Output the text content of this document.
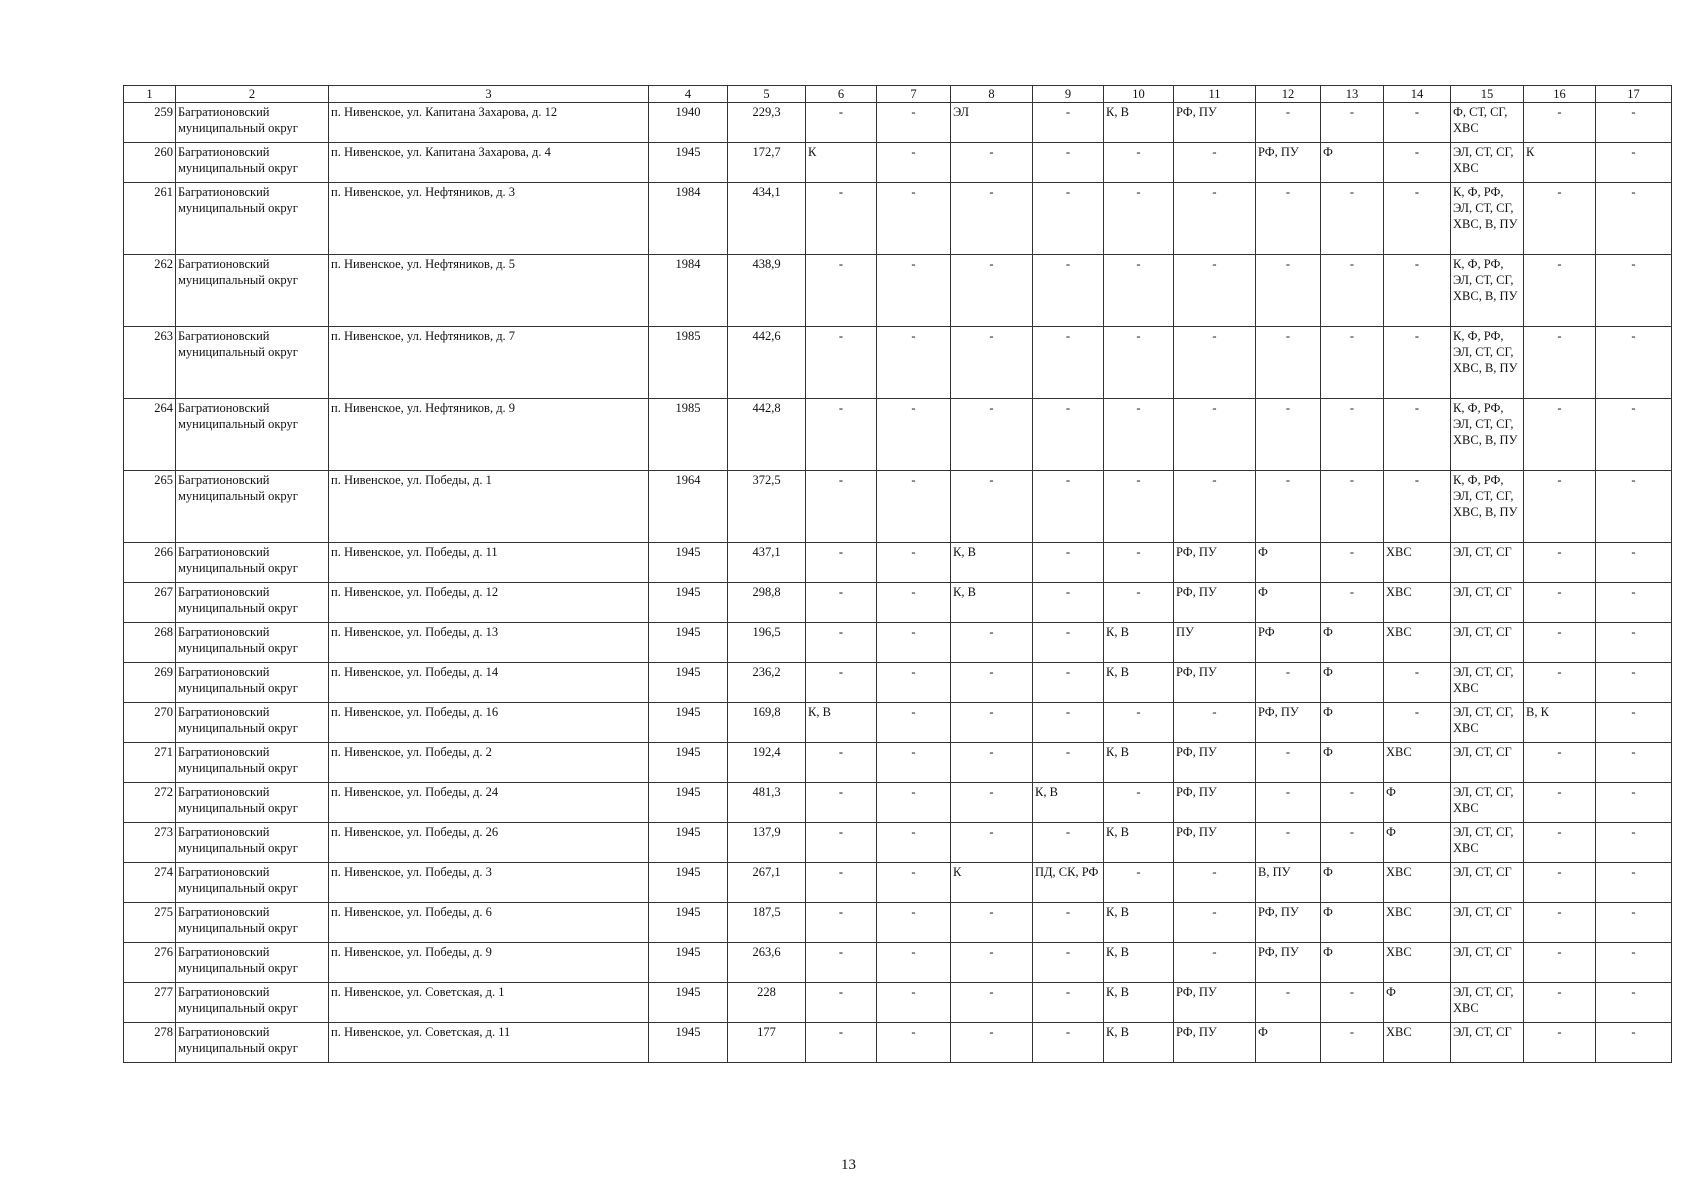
1	2	3	4	5	6	7	8	9	10	11	12	13	14	15	16	17
259	Багратионовский муниципальный округ	п. Нивенское, ул. Капитана Захарова, д. 12	1940	229,3	-	-	ЭЛ	-	К, В	РФ, ПУ	-	-	-	Ф, СТ, СГ, ХВС	-	-
260	Багратионовский муниципальный округ	п. Нивенское, ул. Капитана Захарова, д. 4	1945	172,7	К	-	-	-	-	-	РФ, ПУ	Ф	-	ЭЛ, СТ, СГ, ХВС	К	-
261	Багратионовский муниципальный округ	п. Нивенское, ул. Нефтяников, д. 3	1984	434,1	-	-	-	-	-	-	-	-	-	К, Ф, РФ, ЭЛ, СТ, СГ, ХВС, В, ПУ	-	-
262	Багратионовский муниципальный округ	п. Нивенское, ул. Нефтяников, д. 5	1984	438,9	-	-	-	-	-	-	-	-	-	К, Ф, РФ, ЭЛ, СТ, СГ, ХВС, В, ПУ	-	-
263	Багратионовский муниципальный округ	п. Нивенское, ул. Нефтяников, д. 7	1985	442,6	-	-	-	-	-	-	-	-	-	К, Ф, РФ, ЭЛ, СТ, СГ, ХВС, В, ПУ	-	-
264	Багратионовский муниципальный округ	п. Нивенское, ул. Нефтяников, д. 9	1985	442,8	-	-	-	-	-	-	-	-	-	К, Ф, РФ, ЭЛ, СТ, СГ, ХВС, В, ПУ	-	-
265	Багратионовский муниципальный округ	п. Нивенское, ул. Победы, д. 1	1964	372,5	-	-	-	-	-	-	-	-	-	К, Ф, РФ, ЭЛ, СТ, СГ, ХВС, В, ПУ	-	-
266	Багратионовский муниципальный округ	п. Нивенское, ул. Победы, д. 11	1945	437,1	-	-	К, В	-	-	РФ, ПУ	Ф	-	ХВС	ЭЛ, СТ, СГ	-	-
267	Багратионовский муниципальный округ	п. Нивенское, ул. Победы, д. 12	1945	298,8	-	-	К, В	-	-	РФ, ПУ	Ф	-	ХВС	ЭЛ, СТ, СГ	-	-
268	Багратионовский муниципальный округ	п. Нивенское, ул. Победы, д. 13	1945	196,5	-	-	-	-	К, В	ПУ	РФ	Ф	ХВС	ЭЛ, СТ, СГ	-	-
269	Багратионовский муниципальный округ	п. Нивенское, ул. Победы, д. 14	1945	236,2	-	-	-	-	К, В	РФ, ПУ	-	Ф	-	ЭЛ, СТ, СГ, ХВС	-	-
270	Багратионовский муниципальный округ	п. Нивенское, ул. Победы, д. 16	1945	169,8	К, В	-	-	-	-	-	РФ, ПУ	Ф	-	ЭЛ, СТ, СГ, ХВС	В, К	-
271	Багратионовский муниципальный округ	п. Нивенское, ул. Победы, д. 2	1945	192,4	-	-	-	-	К, В	РФ, ПУ	-	Ф	ХВС	ЭЛ, СТ, СГ	-	-
272	Багратионовский муниципальный округ	п. Нивенское, ул. Победы, д. 24	1945	481,3	-	-	-	К, В	-	РФ, ПУ	-	-	Ф	ЭЛ, СТ, СГ, ХВС	-	-
273	Багратионовский муниципальный округ	п. Нивенское, ул. Победы, д. 26	1945	137,9	-	-	-	-	К, В	РФ, ПУ	-	-	Ф	ЭЛ, СТ, СГ, ХВС	-	-
274	Багратионовский муниципальный округ	п. Нивенское, ул. Победы, д. 3	1945	267,1	-	-	К	ПД, СК, РФ	-	-	В, ПУ	Ф	ХВС	ЭЛ, СТ, СГ	-	-
275	Багратионовский муниципальный округ	п. Нивенское, ул. Победы, д. 6	1945	187,5	-	-	-	-	К, В	-	РФ, ПУ	Ф	ХВС	ЭЛ, СТ, СГ	-	-
276	Багратионовский муниципальный округ	п. Нивенское, ул. Победы, д. 9	1945	263,6	-	-	-	-	К, В	-	РФ, ПУ	Ф	ХВС	ЭЛ, СТ, СГ	-	-
277	Багратионовский муниципальный округ	п. Нивенское, ул. Советская, д. 1	1945	228	-	-	-	-	К, В	РФ, ПУ	-	-	Ф	ЭЛ, СТ, СГ, ХВС	-	-
278	Багратионовский муниципальный округ	п. Нивенское, ул. Советская, д. 11	1945	177	-	-	-	-	К, В	РФ, ПУ	Ф	-	ХВС	ЭЛ, СТ, СГ	-	-
13
